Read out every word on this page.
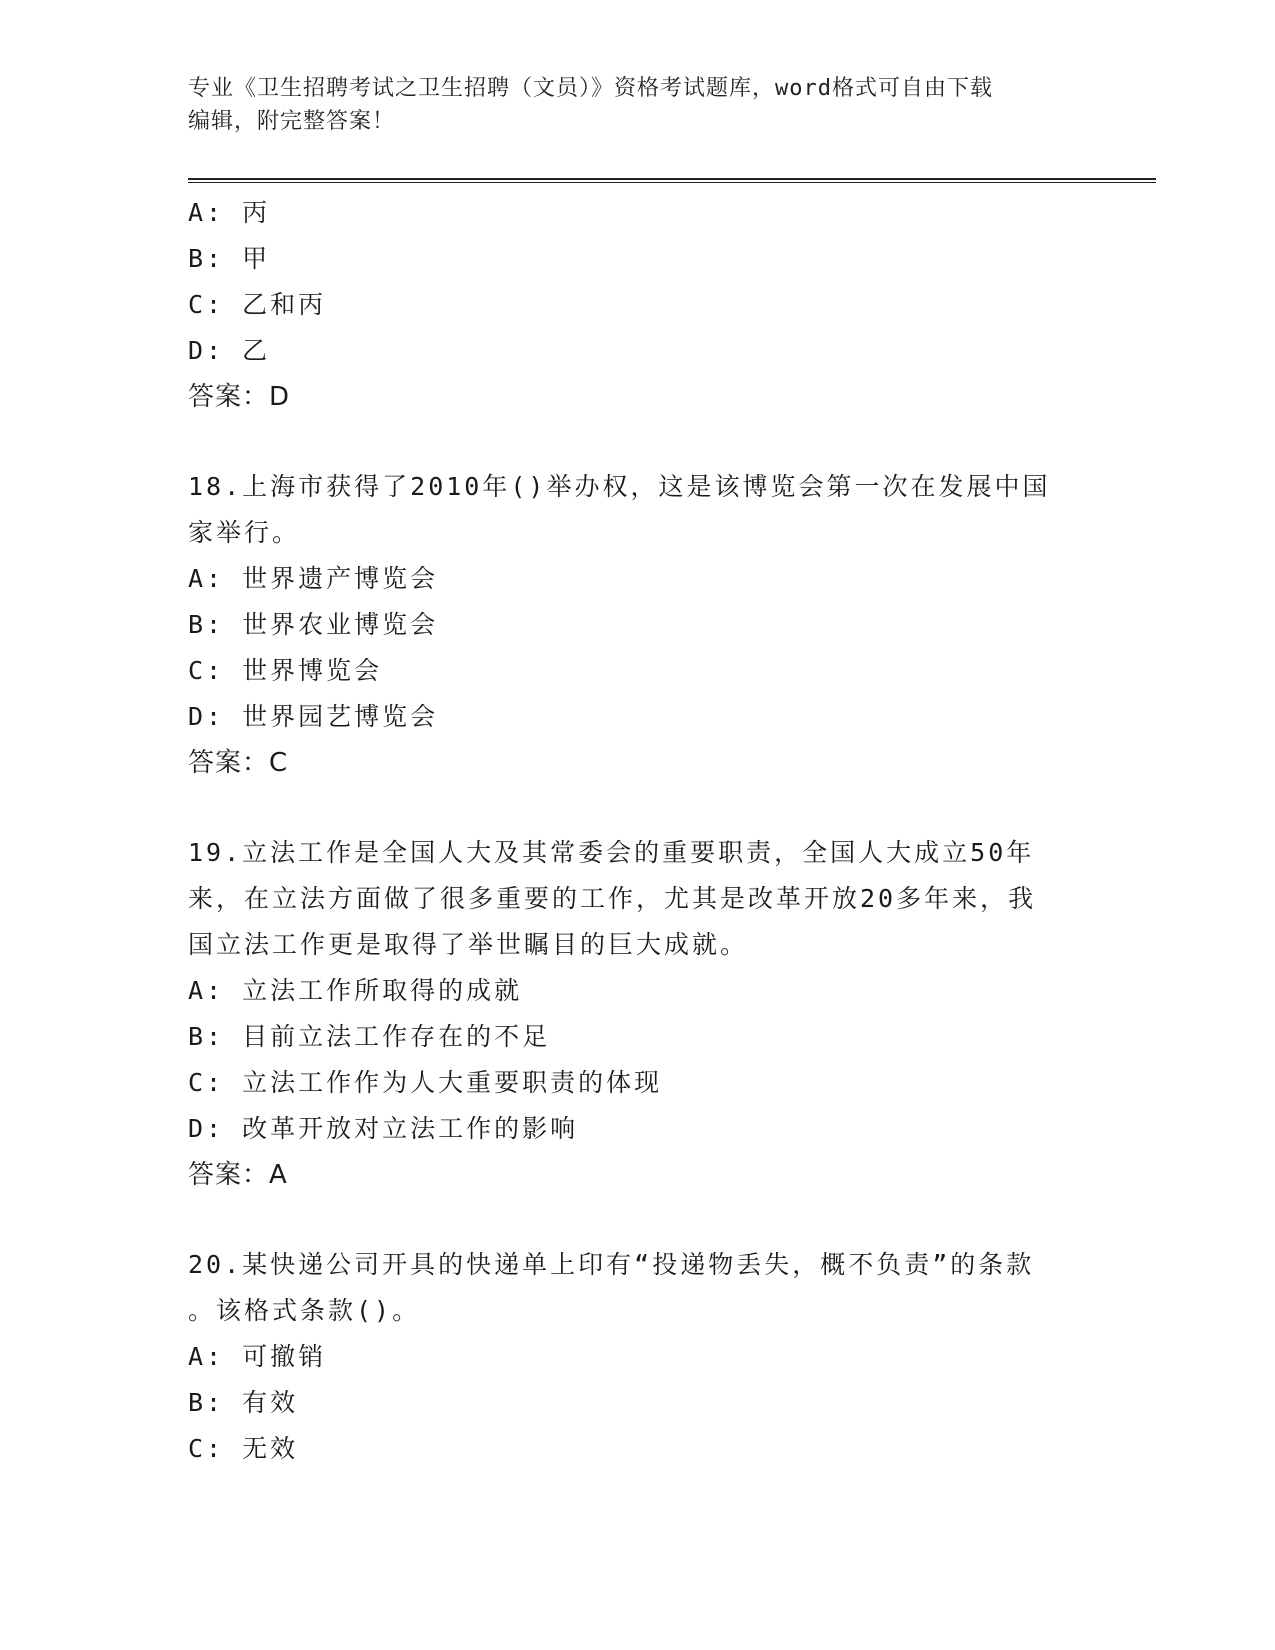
专业《卫生招聘考试之卫生招聘（文员）》资格考试题库，word格式可自由下载
编辑，附完整答案！
A: 丙
B: 甲
C: 乙和丙
D: 乙
答案：D
18.上海市获得了2010年()举办权，这是该博览会第一次在发展中国
家举行。
A: 世界遗产博览会
B: 世界农业博览会
C: 世界博览会
D: 世界园艺博览会
答案：C
19.立法工作是全国人大及其常委会的重要职责，全国人大成立50年
来，在立法方面做了很多重要的工作，尤其是改革开放20多年来，我
国立法工作更是取得了举世瞩目的巨大成就。
A: 立法工作所取得的成就
B: 目前立法工作存在的不足
C: 立法工作作为人大重要职责的体现
D: 改革开放对立法工作的影响
答案：A
20.某快递公司开具的快递单上印有“投递物丢失，概不负责”的条款
。该格式条款()。
A: 可撤销
B: 有效
C: 无效
